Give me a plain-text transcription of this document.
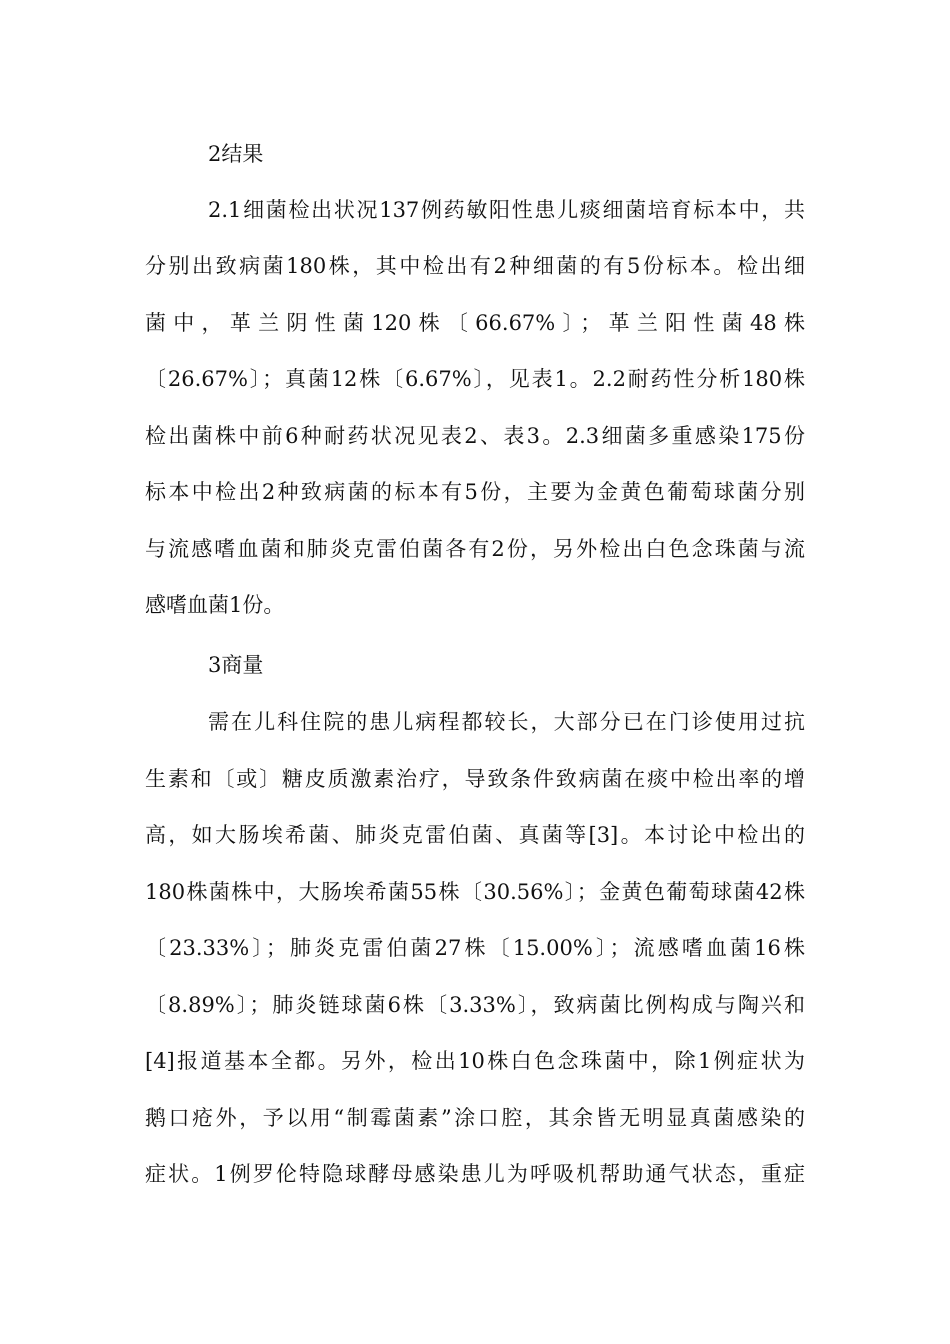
2结果
2.1细菌检出状况137例药敏阳性患儿痰细菌培育标本中，共
分别出致病菌180株，其中检出有2种细菌的有5份标本。检出细
菌中，革兰阴性菌120株〔66.67%〕；革兰阳性菌48株
〔26.67%〕；真菌12株〔6.67%〕，见表1。2.2耐药性分析180株
检出菌株中前6种耐药状况见表2、表3。2.3细菌多重感染175份
标本中检出2种致病菌的标本有5份，主要为金黄色葡萄球菌分别
与流感嗜血菌和肺炎克雷伯菌各有2份，另外检出白色念珠菌与流
感嗜血菌1份。
3商量
需在儿科住院的患儿病程都较长，大部分已在门诊使用过抗
生素和〔或〕糖皮质激素治疗，导致条件致病菌在痰中检出率的增
高，如大肠埃希菌、肺炎克雷伯菌、真菌等[3]。本讨论中检出的
180株菌株中，大肠埃希菌55株〔30.56%〕；金黄色葡萄球菌42株
〔23.33%〕；肺炎克雷伯菌27株〔15.00%〕；流感嗜血菌16株
〔8.89%〕；肺炎链球菌6株〔3.33%〕，致病菌比例构成与陶兴和
[4]报道基本全都。另外，检出10株白色念珠菌中，除1例症状为
鹅口疮外，予以用“制霉菌素”涂口腔，其余皆无明显真菌感染的
症状。1例罗伦特隐球酵母感染患儿为呼吸机帮助通气状态，重症
